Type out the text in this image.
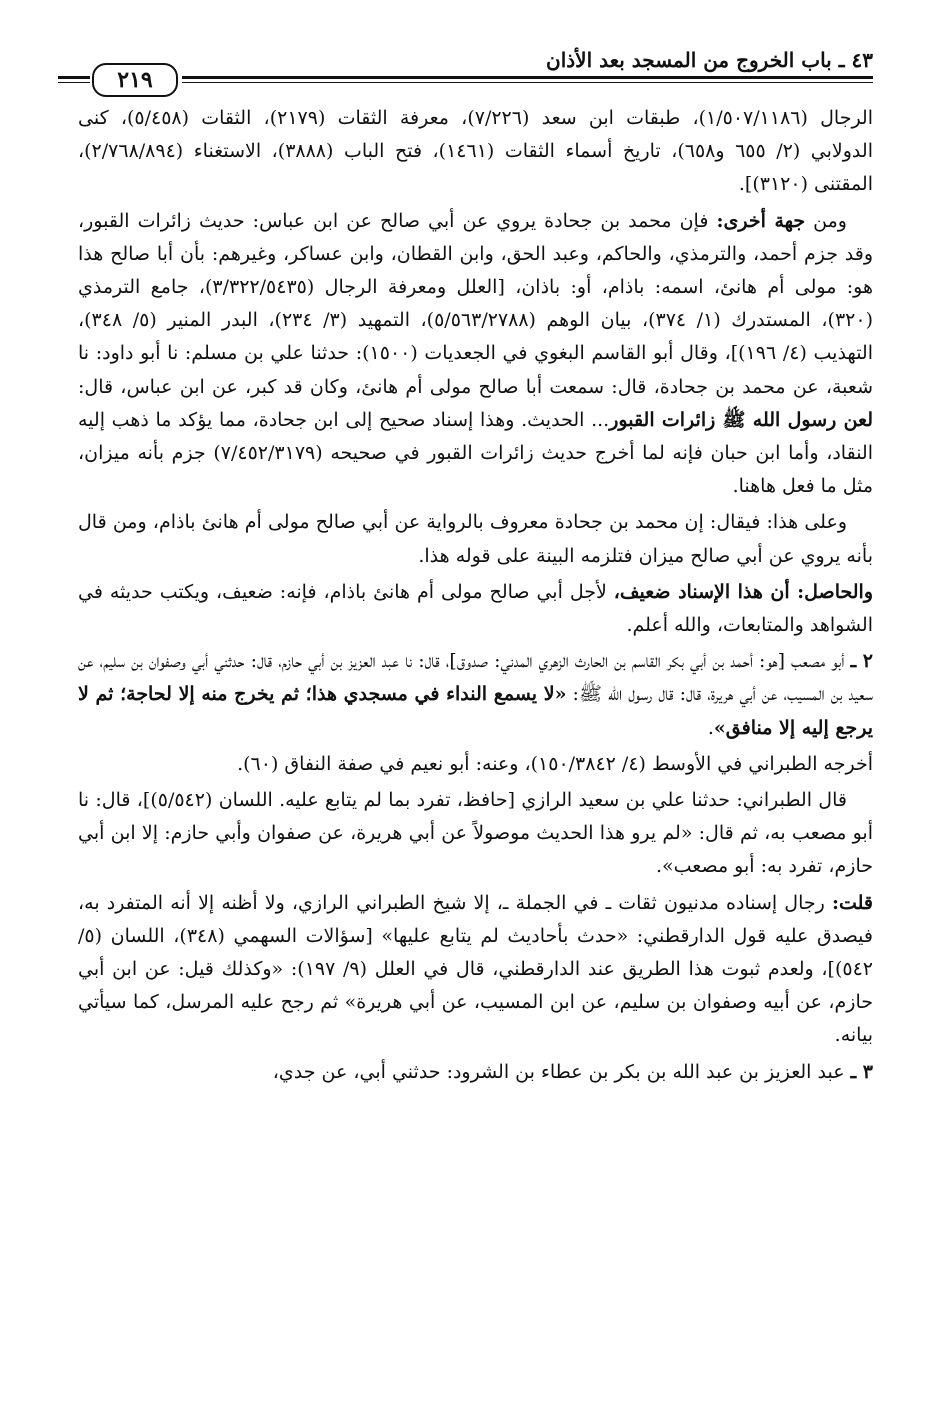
٤٣ ـ باب الخروج من المسجد بعد الأذان
٢١٩

الرجال (١/٥٠٧/١١٨٦)، طبقات ابن سعد (٧/٢٢٦)، معرفة الثقات (٢١٧٩)، الثقات (٥/٤٥٨)، كنى الدولابي (٢/ ٦٥٥ و٦٥٨)، تاريخ أسماء الثقات (١٤٦١)، فتح الباب (٣٨٨٨)، الاستغناء (٢/٧٦٨/٨٩٤)، المقتنى (٣١٢٠)].

ومن جهة أخرى: فإن محمد بن جحادة يروي عن أبي صالح عن ابن عباس: حديث زائرات القبور، وقد جزم أحمد، والترمذي، والحاكم، وعبد الحق، وابن القطان، وابن عساكر، وغيرهم: بأن أبا صالح هذا هو: مولى أم هانئ، اسمه: باذام، أو: باذان، [العلل ومعرفة الرجال (٣/٣٢٢/٥٤٣٥)، جامع الترمذي (٣٢٠)، المستدرك (١/ ٣٧٤)، بيان الوهم (٥/٥٦٣/٢٧٨٨)، التمهيد (٣/ ٢٣٤)، البدر المنير (٥/ ٣٤٨)، التهذيب (٤/ ١٩٦)]، وقال أبو القاسم البغوي في الجعديات (١٥٠٠): حدثنا علي بن مسلم: نا أبو داود: نا شعبة، عن محمد بن جحادة، قال: سمعت أبا صالح مولى أم هانئ، وكان قد كبر، عن ابن عباس، قال: لعن رسول الله ﷺ زائرات القبور... الحديث. وهذا إسناد صحيح إلى ابن جحادة، مما يؤكد ما ذهب إليه النقاد، وأما ابن حبان فإنه لما أخرج حديث زائرات القبور في صحيحه (٧/٤٥٢/٣١٧٩) جزم بأنه ميزان، مثل ما فعل هاهنا.

وعلى هذا: فيقال: إن محمد بن جحادة معروف بالرواية عن أبي صالح مولى أم هانئ باذام، ومن قال بأنه يروي عن أبي صالح ميزان فتلزمه البينة على قوله هذا.

والحاصل: أن هذا الإسناد ضعيف، لأجل أبي صالح مولى أم هانئ باذام، فإنه: ضعيف، ويكتب حديثه في الشواهد والمتابعات، والله أعلم.

٢ ـ أبو مصعب [هو: أحمد بن أبي بكر القاسم بن الحارث الزهري المدني: صدوق]، قال: نا عبد العزيز بن أبي حازم، قال: حدثني أبي وصفوان بن سليم، عن سعيد بن المسيب، عن أبي هريرة، قال: قال رسول الله ﷺ: «لا يسمع النداء في مسجدي هذا؛ ثم يخرج منه إلا لحاجة؛ ثم لا يرجع إليه إلا منافق».

أخرجه الطبراني في الأوسط (٤/ ١٥٠/٣٨٤٢)، وعنه: أبو نعيم في صفة النفاق (٦٠).

قال الطبراني: حدثنا علي بن سعيد الرازي [حافظ، تفرد بما لم يتابع عليه. اللسان (٥/٥٤٢)]، قال: نا أبو مصعب به، ثم قال: «لم يرو هذا الحديث موصولاً عن أبي هريرة، عن صفوان وأبي حازم: إلا ابن أبي حازم، تفرد به: أبو مصعب».

قلت: رجال إسناده مدنيون ثقات ـ في الجملة ـ، إلا شيخ الطبراني الرازي، ولا أظنه إلا أنه المتفرد به، فيصدق عليه قول الدارقطني: «حدث بأحاديث لم يتابع عليها» [سؤالات السهمي (٣٤٨)، اللسان (٥/ ٥٤٢)]، ولعدم ثبوت هذا الطريق عند الدارقطني، قال في العلل (٩/ ١٩٧): «وكذلك قيل: عن ابن أبي حازم، عن أبيه وصفوان بن سليم، عن ابن المسيب، عن أبي هريرة» ثم رجح عليه المرسل، كما سيأتي بيانه.

٣ ـ عبد العزيز بن عبد الله بن بكر بن عطاء بن الشرود: حدثني أبي، عن جدي،
